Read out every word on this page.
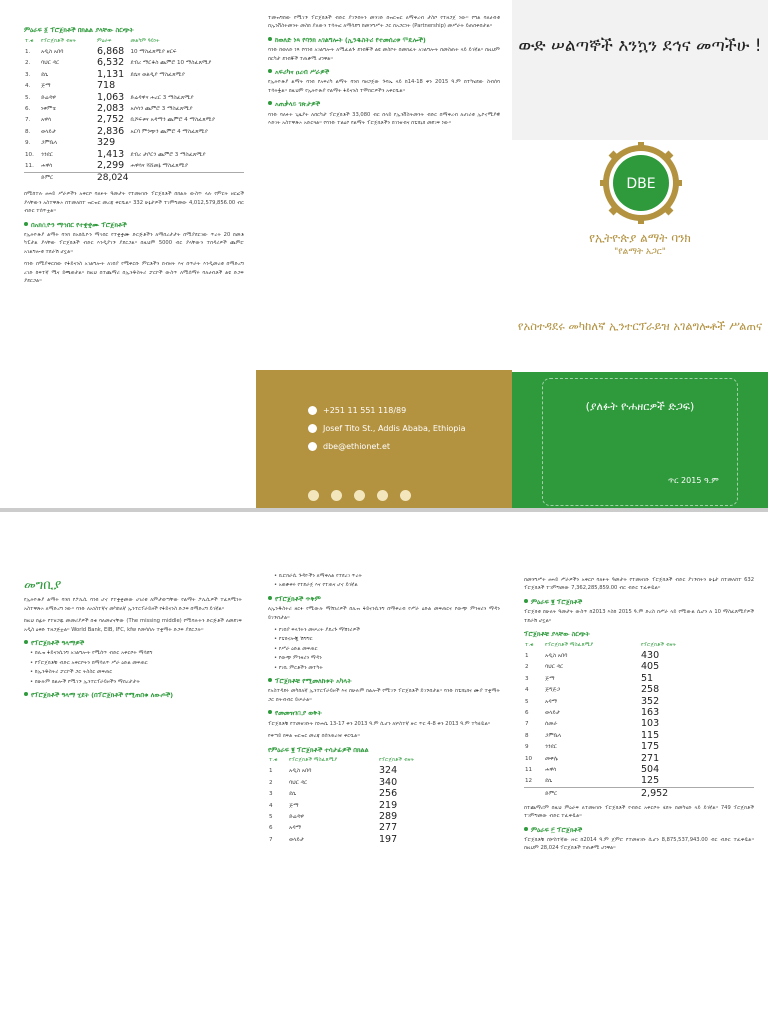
ምዕራፍ ፩ ፕሮጀክቶች በክልል ያላቸው ስርጭት
ተ.ቁ	የፕሮጀክቶች ብዛት	ምዕራፍ	መልካም ዓይነት
1.	አዲስ አበባ	6,868	10 ማስፈጸሚያ ዘርፍ
2.	ባህር ዳር	6,532	ደብረ ማርቆስ ጨምሮ 10 ማስፈጸሚያ
3.	ደሴ	1,131	ደሴና ወልዲያ ማስፈጸሚያ
4.	ጅማ	718	
5.	ድሬዳዋ	1,063	ድሬዳዋና ሐረር 3 ማስፈጸሚያ
6.	ነቀምቴ	2,083	አሶሳን ጨምሮ 3 ማስፈጸሚያ
7.	አዋሳ	2,752	ቢሾፍቱና አዳማን ጨምሮ 4 ማስፈጸሚያ
8.	ወላይታ	2,836	አርባ ምንጭን ጨምሮ 4 ማስፈጸሚያ
9.	ጋምቤላ	329	
10.	ጎንደር	1,413	ደብረ ታቦርን ጨምሮ 3 ማስፈጸሚያ
11.	ሐዋሳ	2,299	ሐዋሳና ሻሸመኔ ማስፈጸሚያ
	ድምር	28,024	

በሚከተሉ ፀሐይ ሥራዎችን አቅርቦ ባለፉት ዓመታት የተመዘገቡ ፕሮጀክቶች በክልሉ ውስጥ ላሉ የምርት ዘርፎች ያላቸውን አስተዋጽኦ በተመለከተ ዝርዝር መረጃ ቀርቧል። 332 ሁኔታዎች ተገምግመው 4,012,579,856.00 ብር ብድር ተሰጥቷል።

በአክሲዮን ማኅበር የተቋቋሙ ፕሮጀክቶች

የኢትዮጵያ ልማት ባንክ በአክሲዮን ማኅበር የተቋቋሙ ድርጅቶችን ለማበረታታት በሚያደርገው ጥረት 20 በመቶ ካፒታል ያላቸው ፕሮጀክቶች ብድር እንዲያገኙ ያደርጋል። በዚህም 5000 ብር ያላቸውን ተበዳሪዎች ጨምሮ አገልግሎቱ ተደራሽ ሆኗል።

ባንኩ በሚያቀርበው የፋይናንስ አገልግሎት ለገበያ የሚቀርቡ ምርቶችን በብዛት እና በጥራት እንዲመረቱ በማድረግ ረገድ ከፍተኛ ሚና ይጫወታል። ከዚህ በተጨማሪ በኢንዱስትሪ ፓርኮች ውስጥ ለሚሰማሩ ባለሀብቶች ልዩ ድጋፍ ያደርጋል።

ተመዝግበው የሚገኙ ፕሮጀክቶች ብድር ያገኙበትን መንገድ በዝርዝር ለማቅረብ ታስቦ የተዘጋጀ ነው። የግል ባለሀብቱ በኢንቨስትመንት መስክ ያለውን ተሳትፎ ለማሳደግ ከመንግሥት ጋር በአጋርነት (Partnership) መሥራት ይጠበቅበታል።

ከወለድ ነጻ የባንክ አገልግሎት (ኢንዱስትሪ የተመሰረቱ ሞዴሎች)

ባንኩ ከወለድ ነጻ የባንክ አገልግሎት ለሚፈልጉ ደንበኞች ልዩ መስኮት በመክፈት አገልግሎት በመስጠት ላይ ይገኛል። በዚህም በርካታ ደንበኞች ተጠቃሚ ሆነዋል።

አፍሪካና ዐረብ ሥራዎች

የኢትዮጵያ ልማት ባንክ የአፍሪካ ልማት ባንክ ባዘጋጀው ጉባኤ ላይ ከ14-18 ቀን 2015 ዓ.ም በተካሄደው ስብሰባ ተሳትፏል። በዚህም የኢትዮጵያ የልማት ፋይናንስ ተሞክሮዎችን አቅርቧል።

አጠቃላይ ገጽታዎች

ባንኩ ባለፉት ጊዜያት ለበርካታ ፕሮጀክቶች 33,080 ብር በላይ የኢንቨስትመንት ብድር በማቅረብ ለሀገሪቱ ኢኮኖሚያዊ እድገት አስተዋጽኦ አድርጓል። የባንኩ ተልዕኮ የልማት ፕሮጀክቶችን በገንዘብና በቴክኒክ መደገፍ ነው።

+251 11 551 118/89
Josef Tito St., Addis Ababa, Ethiopia
dbe@ethionet.et
ውድ ሠልጣኞች እንኳን ደኅና መጣችሁ !
DBE
የኢትዮጵያ ልማት ባንክ
"የልማት አጋር"
የአስተዳደሩ መካከለኛ ኢንተርፕራይዝ አገልግሎቶች ሥልጠና
(ያለፉት ዮሐዘርዎች ድጋፍ)
ጥር 2015 ዓ.ም
መግቢያ

የኢትዮጵያ ልማት ባንክ የፖሊሲ ባንክ ሆኖ የተቋቋመው ሀገሪቱ ለምታወጣቸው የልማት ፖሊሲዎች ተፈጻሚነት አስተዋጽኦ ለማድረግ ነው። ባንኩ ለአነስተኛና መካከለኛ ኢንተርፕራይዞች የፋይናንስ ድጋፍ በማድረግ ይገኛል።

ከዚህ በፊት የተዘጋጁ መመሪያዎች በቂ ባለመሆናቸው (The missing middle) የሚባሉትን ድርጅቶች ለመደገፍ አዲስ ዕቅድ ተዘጋጅቷል። World Bank, EIB, IFC, kfw የመሳሰሉ ተቋማት ድጋፍ ያደርጋሉ።

የፕሮጀክቶች ዓላማዎች
• በሊዝ ፋይናንሲንግ አገልግሎት የሚሰጥ ብድር አቅርቦት ማሳደግ
• የፕሮጀክቶቹ ብድር አቅርቦትን በማሳለጥ ሥራ ዕድል መፍጠር
• ከኢንዱስትሪ ፓርኮች ጋር ትስስር መፍጠር
• በሁሉም ክልሎች የሚገኙ ኢንተርፕራይዞችን ማበረታታት
የፕሮጀክቶች ዓላማ ሂደት (በፕሮጀክቶች የሚጠበቁ ለውጦች)
• ቢሮክራሲ ጉዳዮችን ለማቅለል የተደረገ ጥረት
• አወቃቀሩ የተደራጀ እና የተጠና ሆኖ ይገኛል
የፕሮጀክቶች ጥቅም

ለኢንዱስትሪ ዘርፉ የሚውሉ ማሽነሪዎች በሊዝ ፋይናንሲንግ በማቅረብ የሥራ ዕድል መፍጠርና የውጭ ምንዛሪን ማዳን ይገኙበታል።

• የገበያ ፍላጎትን መሠረት ያደረጉ ማሽነሪዎች
• የቴክኖሎጂ ሽግግር
• የሥራ ዕድል መፍጠር
• የውጭ ምንዛሪን ማዳን
• የገቢ ምርቶችን መተካት
ፕሮጀክቶቹ የሚመለከቱት አካላት

የአስተዳደሩ መካከለኛ ኢንተርፕራይዞች እና በሁሉም ክልሎች የሚገኙ ፕሮጀክቶች ይገኙበታል። ባንኩ ከቴክኒክና ሙያ ተቋማት ጋር በትብብር ይሠራል።

የመመዝገቢያ ወቅት

ፕሮጀክቶቹ የተመዘገቡት ከነሐሴ 13-17 ቀን 2013 ዓ.ም ሲሆን ለሦስተኛ ዙር ጥር 4-8 ቀን 2013 ዓ.ም ተካሂዷል።

የቀጣይ ክፍል ዝርዝር መረጃ በሰንጠረዡ ቀርቧል።

የምዕራፍ ፪ ፕሮጀክቶች ተሳታፊዎች በክልል
ተ.ቁ	የፕሮጀክቶች ማስፈጸሚያ	የፕሮጀክቶች ብዛት
1	አዲስ አበባ	324
2	ባህር ዳር	340
3	ደሴ	256
4	ጅማ	219
5	ድሬዳዋ	289
6	አዳማ	277
7	ወላይታ	197

በመንግሥት ፀሐይ ሥራዎችን አቅርቦ ባለፉት ዓመታት የተመዘገቡ ፕሮጀክቶች ብድር ያገኙበትን ሁኔታ በተመለከተ 632 ፕሮጀክቶች ተገምግመው 7,362,285,859.00 ብር ብድር ተፈቅዷል።

ምዕራፍ ፪ ፕሮጀክቶች

ፕሮጀክቱ በሁለት ዓመታት ውስጥ ከ2013 እስከ 2015 ዓ.ም ድረስ በሥራ ላይ የሚውል ሲሆን ለ 10 ማስፈጸሚያዎች ተደራሽ ሆኗል።

ፕሮጀክቶቹ ያላቸው ስርጭት
ተ.ቁ	የፕሮጀክቶች ማስፈጸሚያ	የፕሮጀክቶች ብዛት
1	አዲስ አበባ	430
2	ባህር ዳር	405
3	ጅማ	51
4	ጅግጅጋ	258
5	አዳማ	352
6	ወላይታ	163
7	ሰመራ	103
8	ጋምቤላ	115
9	ጎንደር	175
10	መቀሌ	271
11	ሐዋሳ	504
12	ደሴ	125
	ድምር	2,952

በተጨማሪም በዚህ ምዕራፍ ለተመዘገቡ ፕሮጀክቶች የብድር አቅርቦት ሂደት በመካሄድ ላይ ይገኛል። 749 ፕሮጀክቶች ተገምግመው ብድር ተፈቅዷል።

ምዕራፍ ፫ ፕሮጀክቶች

ፕሮጀክቶቹ በሦስተኛው ዙር ከ2014 ዓ.ም ጀምሮ የተመዘገቡ ሲሆን 8,875,537,943.00 ብር ብድር ተፈቅዷል። በዚህም 28,024 ፕሮጀክቶች ተጠቃሚ ሆነዋል።
